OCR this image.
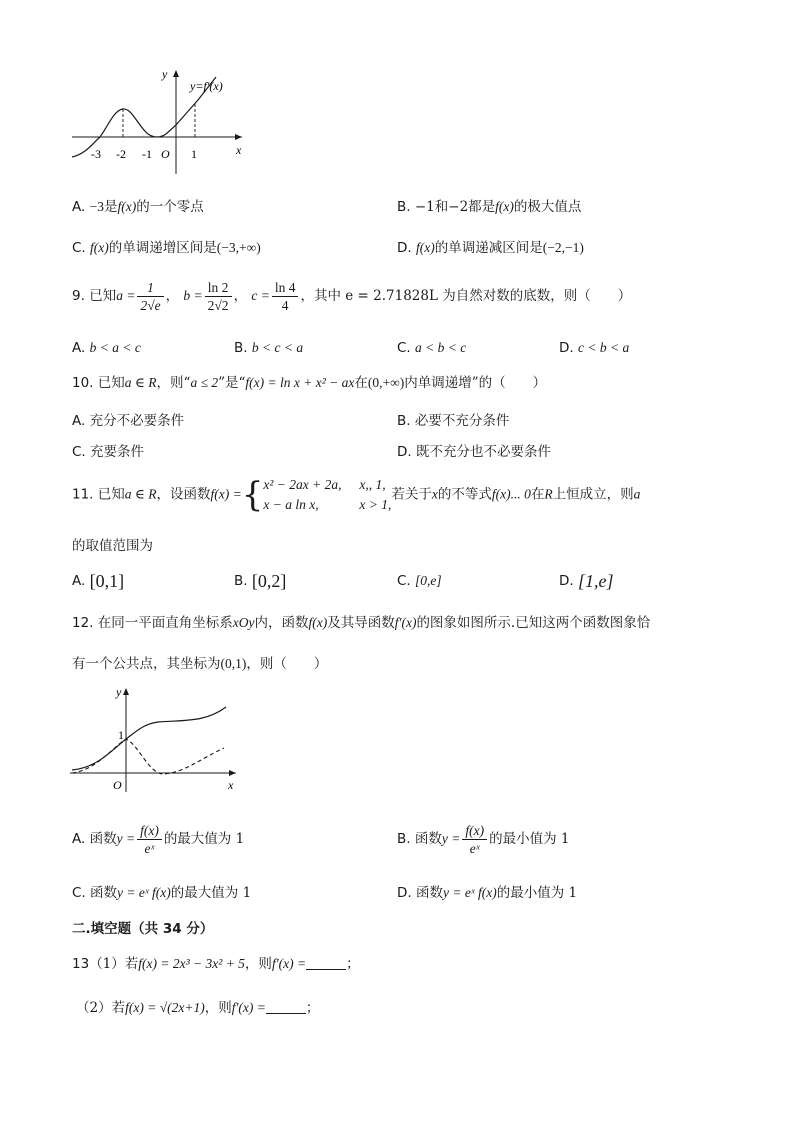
y
x
y=f′(x)
-3 -2 -1 O 1
A. −3是f(x)的一个零点	B. −1和−2都是f(x)的极大值点
C. f(x)的单调递增区间是(−3,+∞)	D. f(x)的单调递减区间是(−2,−1)
9. 已知$a = \frac{1}{2√e}$ ， $b = \frac{\ln 2}{2√2}$ ， $c = \frac{\ln 4}{4}$ ，其中 e = 2.71828L 为自然对数的底数，则（　　）
A. b < a < c	B. b < c < a	C. a < b < c	D. c < b < a
10. 已知a ∈ R，则“a ≤ 2”是“f(x) = ln x + x² − ax在(0,+∞)内单调递增”的（　　）
A. 充分不必要条件	B. 必要不充分条件
C. 充要条件	D. 既不充分也不必要条件
11. 已知a ∈ R，设函数f(x) ={ x² − 2ax + 2a, x,, 1,
x − a ln x,	x > 1,
若关于x的不等式f(x)... 0在R上恒成立，则a
的取值范围为
A. [0,1]	B. [0,2]	C. [0,e]	D. [1,e]
12. 在同一平面直角坐标系xOy内，函数f(x)及其导函数f′(x)的图象如图所示.已知这两个函数图象恰
有一个公共点，其坐标为(0,1)，则（　　）
y
x
1
O
A. 函数$y = \frac{f(x)}{\text{eˣ}}$ 的最大值为 1	B. 函数$y = \frac{f(x)}{\text{eˣ}}$ 的最小值为 1
C. 函数y = eˣ f(x)的最大值为 1	D. 函数y = eˣ f(x)的最小值为 1
二.填空题（共 34 分）
13（1）若f(x) = 2x³ − 3x² + 5，则f′(x) =	；
（2）若f(x) = √(2x+1)，则f′(x) =	；
